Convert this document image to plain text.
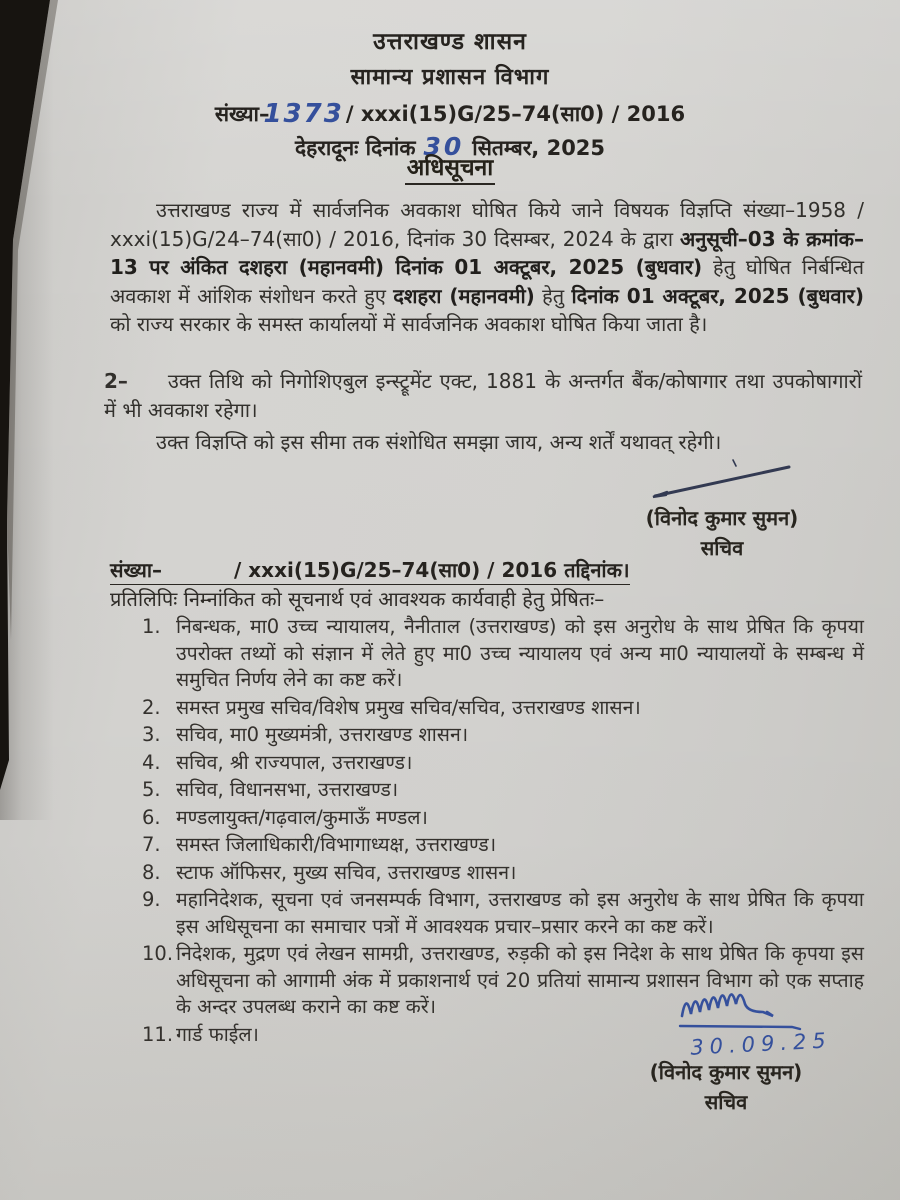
उत्तराखण्ड शासन
सामान्य प्रशासन विभाग
संख्या–1373/ xxxi(15)G/25–74(सा0) / 2016
देहरादूनः दिनांक 30 सितम्बर, 2025
अधिसूचना

उत्तराखण्ड राज्य में सार्वजनिक अवकाश घोषित किये जाने विषयक विज्ञप्ति संख्या–1958 / xxxi(15)G/24–74(सा0) / 2016, दिनांक 30 दिसम्बर, 2024 के द्वारा अनुसूची–03 के क्रमांक–13 पर अंकित दशहरा (महानवमी) दिनांक 01 अक्टूबर, 2025 (बुधवार) हेतु घोषित निर्बन्धित अवकाश में आंशिक संशोधन करते हुए दशहरा (महानवमी) हेतु दिनांक 01 अक्टूबर, 2025 (बुधवार) को राज्य सरकार के समस्त कार्यालयों में सार्वजनिक अवकाश घोषित किया जाता है।

2– उक्त तिथि को निगोशिएबुल इन्स्ट्रूमेंट एक्ट, 1881 के अन्तर्गत बैंक/कोषागार तथा उपकोषागारों में भी अवकाश रहेगा।

उक्त विज्ञप्ति को इस सीमा तक संशोधित समझा जाय, अन्य शर्तें यथावत् रहेगी।

(विनोद कुमार सुमन)
सचिव
संख्या–	/ xxxi(15)G/25–74(सा0) / 2016 तद्दिनांक।
प्रतिलिपिः निम्नांकित को सूचनार्थ एवं आवश्यक कार्यवाही हेतु प्रेषितः–
1. निबन्धक, मा0 उच्च न्यायालय, नैनीताल (उत्तराखण्ड) को इस अनुरोध के साथ प्रेषित कि कृपया उपरोक्त तथ्यों को संज्ञान में लेते हुए मा0 उच्च न्यायालय एवं अन्य मा0 न्यायालयों के सम्बन्ध में समुचित निर्णय लेने का कष्ट करें।
2. समस्त प्रमुख सचिव/विशेष प्रमुख सचिव/सचिव, उत्तराखण्ड शासन।
3. सचिव, मा0 मुख्यमंत्री, उत्तराखण्ड शासन।
4. सचिव, श्री राज्यपाल, उत्तराखण्ड।
5. सचिव, विधानसभा, उत्तराखण्ड।
6. मण्डलायुक्त/गढ़वाल/कुमाऊँ मण्डल।
7. समस्त जिलाधिकारी/विभागाध्यक्ष, उत्तराखण्ड।
8. स्टाफ ऑफिसर, मुख्य सचिव, उत्तराखण्ड शासन।
9. महानिदेशक, सूचना एवं जनसम्पर्क विभाग, उत्तराखण्ड को इस अनुरोध के साथ प्रेषित कि कृपया इस अधिसूचना का समाचार पत्रों में आवश्यक प्रचार–प्रसार करने का कष्ट करें।
10. निदेशक, मुद्रण एवं लेखन सामग्री, उत्तराखण्ड, रुड़की को इस निदेश के साथ प्रेषित कि कृपया इस अधिसूचना को आगामी अंक में प्रकाशनार्थ एवं 20 प्रतियां सामान्य प्रशासन विभाग को एक सप्ताह के अन्दर उपलब्ध कराने का कष्ट करें।
11. गार्ड फाईल।	30.09.25
(विनोद कुमार सुमन)
सचिव
